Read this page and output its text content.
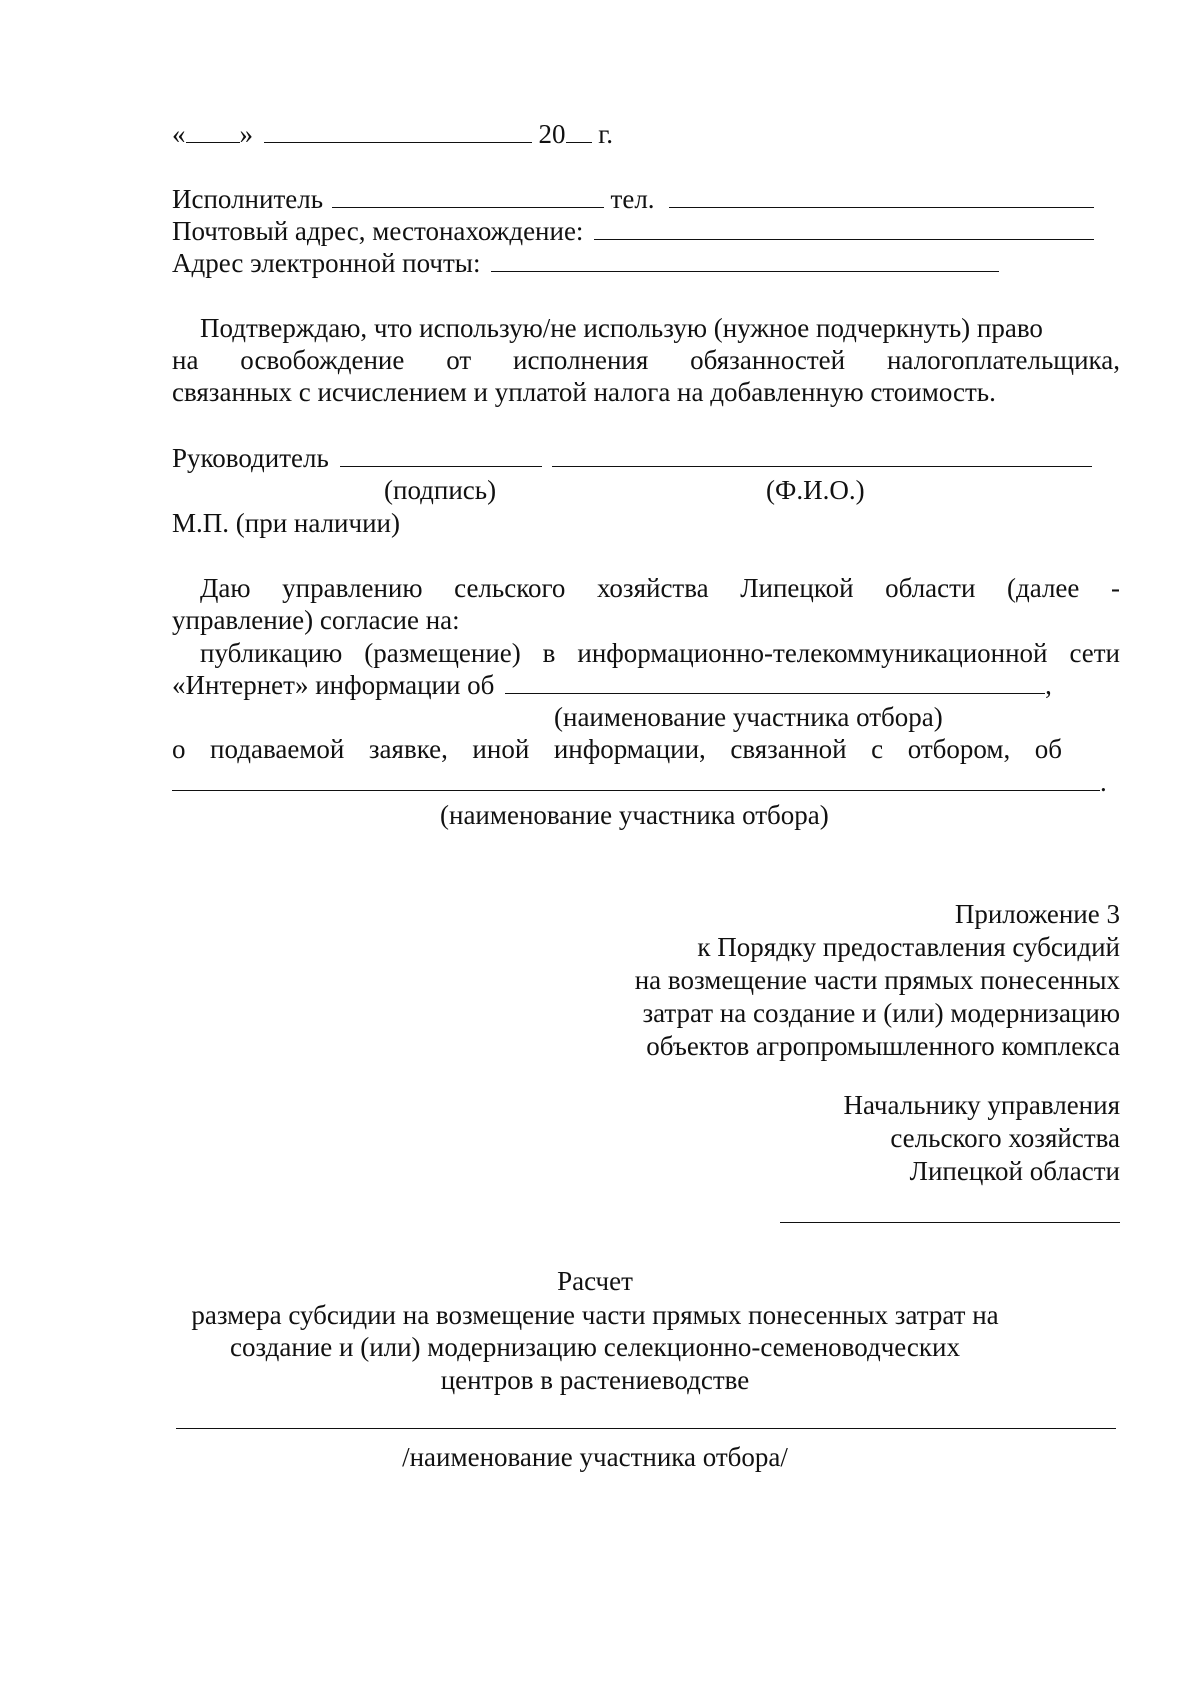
« »	20 г.
Исполнитель	тел.
Почтовый адрес, местонахождение:
Адрес электронной почты:
Подтверждаю, что использую/не использую (нужное подчеркнуть) право
на освобождение от исполнения обязанностей налогоплательщика,
связанных с исчислением и уплатой налога на добавленную стоимость.
Руководитель
(подпись)	(Ф.И.О.)
М.П. (при наличии)
Даю управлению сельского хозяйства Липецкой области (далее -
управление) согласие на:
публикацию (размещение) в информационно-телекоммуникационной сети
«Интернет» информации об	,
(наименование участника отбора)
о подаваемой заявке, иной информации, связанной с отбором, об
.
(наименование участника отбора)
Приложение 3
к Порядку предоставления субсидий
на возмещение части прямых понесенных
затрат на создание и (или) модернизацию
объектов агропромышленного комплекса
Начальнику управления
сельского хозяйства
Липецкой области
Расчет
размера субсидии на возмещение части прямых понесенных затрат на
создание и (или) модернизацию селекционно-семеноводческих
центров в растениеводстве
/наименование участника отбора/
